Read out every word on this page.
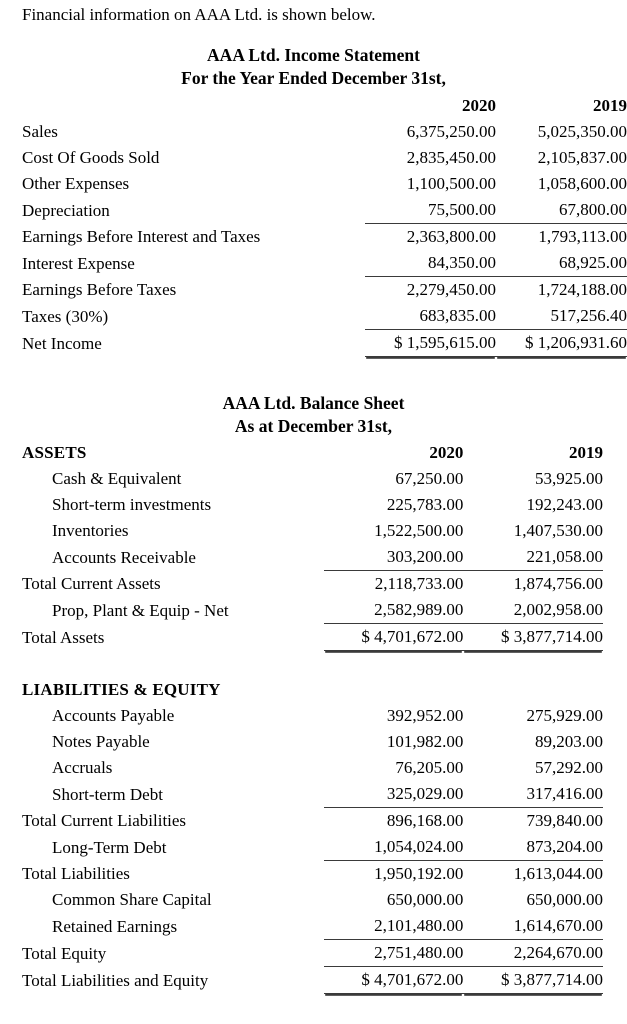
Financial information on AAA Ltd. is shown below.
AAA Ltd. Income Statement
For the Year Ended December 31st,
	2020	2019
Sales	6,375,250.00	5,025,350.00
Cost Of Goods Sold	2,835,450.00	2,105,837.00
Other Expenses	1,100,500.00	1,058,600.00
Depreciation	75,500.00	67,800.00
Earnings Before Interest and Taxes	2,363,800.00	1,793,113.00
Interest Expense	84,350.00	68,925.00
Earnings Before Taxes	2,279,450.00	1,724,188.00
Taxes (30%)	683,835.00	517,256.40
Net Income	$ 1,595,615.00	$ 1,206,931.60
AAA Ltd. Balance Sheet
As at December 31st,
ASSETS	2020	2019
Cash & Equivalent	67,250.00	53,925.00
Short-term investments	225,783.00	192,243.00
Inventories	1,522,500.00	1,407,530.00
Accounts Receivable	303,200.00	221,058.00
Total Current Assets	2,118,733.00	1,874,756.00
Prop, Plant & Equip - Net	2,582,989.00	2,002,958.00
Total Assets	$ 4,701,672.00	$ 3,877,714.00

LIABILITIES & EQUITY		
Accounts Payable	392,952.00	275,929.00
Notes Payable	101,982.00	89,203.00
Accruals	76,205.00	57,292.00
Short-term Debt	325,029.00	317,416.00
Total Current Liabilities	896,168.00	739,840.00
Long-Term Debt	1,054,024.00	873,204.00
Total Liabilities	1,950,192.00	1,613,044.00
Common Share Capital	650,000.00	650,000.00
Retained Earnings	2,101,480.00	1,614,670.00
Total Equity	2,751,480.00	2,264,670.00
Total Liabilities and Equity	$ 4,701,672.00	$ 3,877,714.00
